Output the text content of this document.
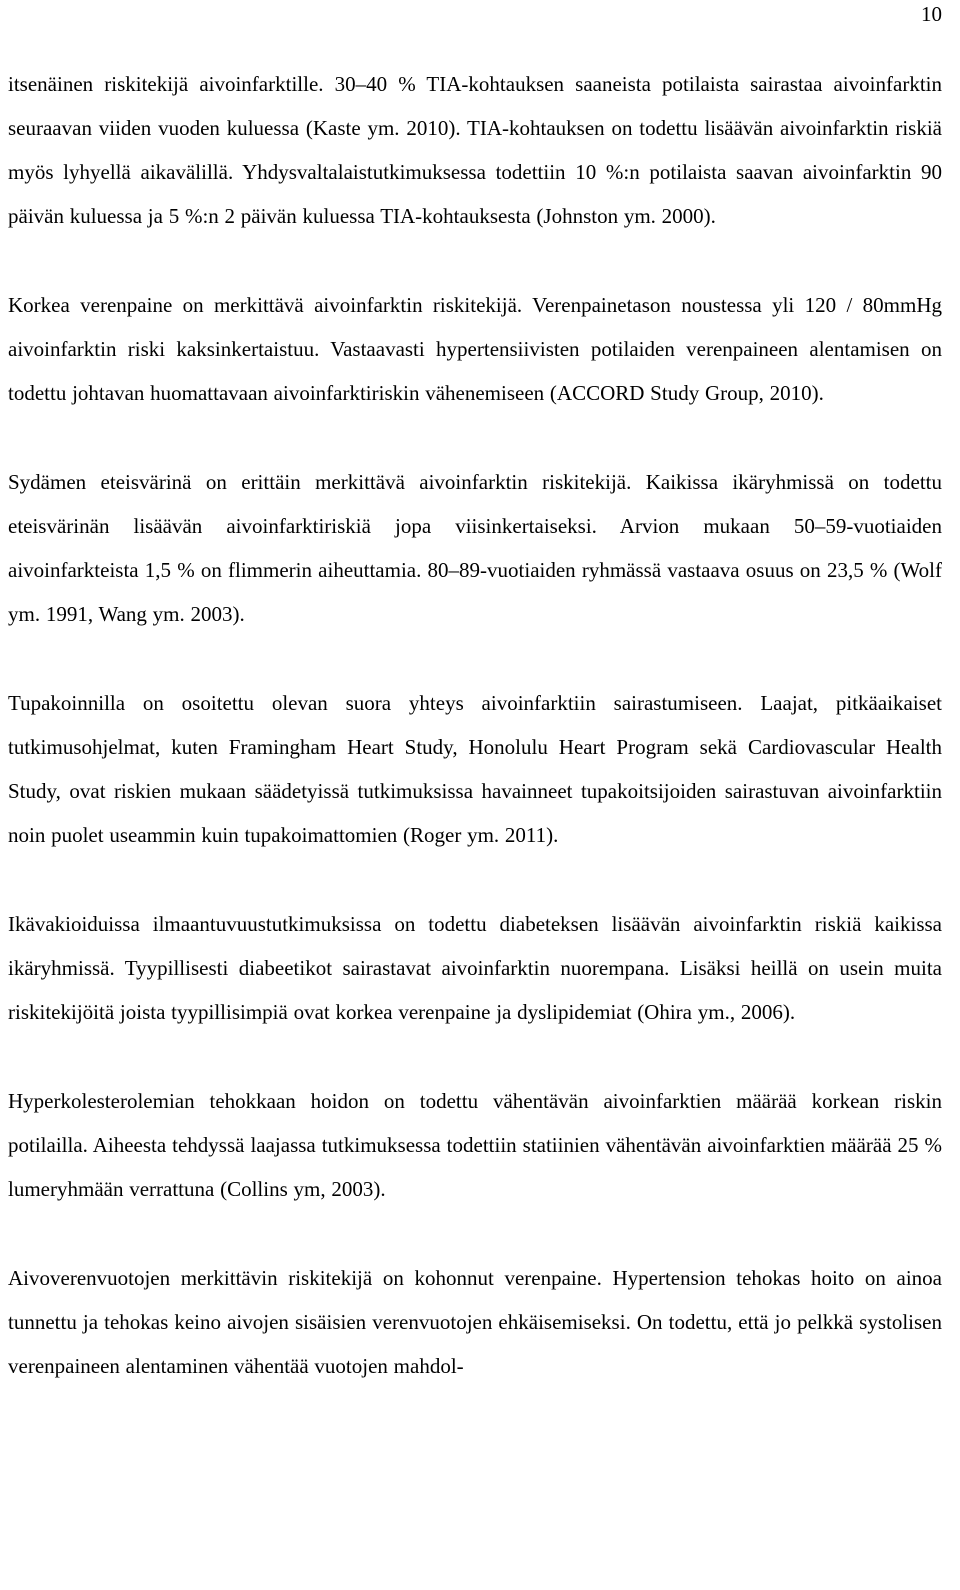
10

itsenäinen riskitekijä aivoinfarktille. 30–40 % TIA-kohtauksen saaneista potilaista sairastaa aivoinfarktin seuraavan viiden vuoden kuluessa (Kaste ym. 2010). TIA-kohtauksen on todettu lisäävän aivoinfarktin riskiä myös lyhyellä aikavälillä. Yhdysvaltalaistutkimuksessa todettiin 10 %:n potilaista saavan aivoinfarktin 90 päivän kuluessa ja 5 %:n 2 päivän kuluessa TIA-kohtauksesta (Johnston ym. 2000).

Korkea verenpaine on merkittävä aivoinfarktin riskitekijä. Verenpainetason noustessa yli 120 / 80mmHg aivoinfarktin riski kaksinkertaistuu. Vastaavasti hypertensiivisten potilaiden verenpaineen alentamisen on todettu johtavan huomattavaan aivoinfarktiriskin vähenemiseen (ACCORD Study Group, 2010).

Sydämen eteisvärinä on erittäin merkittävä aivoinfarktin riskitekijä. Kaikissa ikäryhmissä on todettu eteisvärinän lisäävän aivoinfarktiriskiä jopa viisinkertaiseksi. Arvion mukaan 50–59-vuotiaiden aivoinfarkteista 1,5 % on flimmerin aiheuttamia. 80–89-vuotiaiden ryhmässä vastaava osuus on 23,5 % (Wolf ym. 1991, Wang ym. 2003).

Tupakoinnilla on osoitettu olevan suora yhteys aivoinfarktiin sairastumiseen. Laajat, pitkäaikaiset tutkimusohjelmat, kuten Framingham Heart Study, Honolulu Heart Program sekä Cardiovascular Health Study, ovat riskien mukaan säädetyissä tutkimuksissa havainneet tupakoitsijoiden sairastuvan aivoinfarktiin noin puolet useammin kuin tupakoimattomien (Roger ym. 2011).

Ikävakioiduissa ilmaantuvuustutkimuksissa on todettu diabeteksen lisäävän aivoinfarktin riskiä kaikissa ikäryhmissä. Tyypillisesti diabeetikot sairastavat aivoinfarktin nuorempana. Lisäksi heillä on usein muita riskitekijöitä joista tyypillisimpiä ovat korkea verenpaine ja dyslipidemiat (Ohira ym., 2006).

Hyperkolesterolemian tehokkaan hoidon on todettu vähentävän aivoinfarktien määrää korkean riskin potilailla. Aiheesta tehdyssä laajassa tutkimuksessa todettiin statiinien vähentävän aivoinfarktien määrää 25 % lumeryhmään verrattuna (Collins ym, 2003).

Aivoverenvuotojen merkittävin riskitekijä on kohonnut verenpaine. Hypertension tehokas hoito on ainoa tunnettu ja tehokas keino aivojen sisäisien verenvuotojen ehkäisemiseksi. On todettu, että jo pelkkä systolisen verenpaineen alentaminen vähentää vuotojen mahdol-
